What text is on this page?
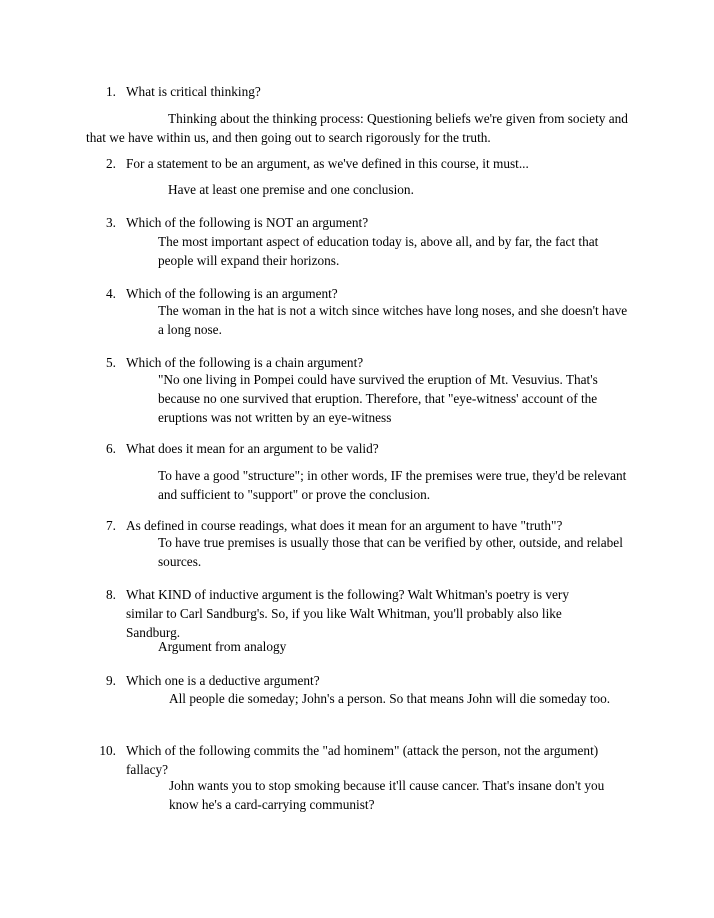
1. What is critical thinking?
Thinking about the thinking process: Questioning beliefs we're given from society and that we have within us, and then going out to search rigorously for the truth.
2. For a statement to be an argument, as we've defined in this course, it must...
Have at least one premise and one conclusion.
3. Which of the following is NOT an argument?
The most important aspect of education today is, above all, and by far, the fact that people will expand their horizons.
4. Which of the following is an argument?
The woman in the hat is not a witch since witches have long noses, and she doesn't have a long nose.
5. Which of the following is a chain argument?
"No one living in Pompei could have survived the eruption of Mt. Vesuvius. That's because no one survived that eruption. Therefore, that "eye-witness' account of the eruptions was not written by an eye-witness
6. What does it mean for an argument to be valid?
To have a good "structure"; in other words, IF the premises were true, they'd be relevant and sufficient to "support" or prove the conclusion.
7. As defined in course readings, what does it mean for an argument to have "truth"?
To have true premises is usually those that can be verified by other, outside, and relabel sources.
8. What KIND of inductive argument is the following? Walt Whitman's poetry is very similar to Carl Sandburg's. So, if you like Walt Whitman, you'll probably also like Sandburg.
Argument from analogy
9. Which one is a deductive argument?
All people die someday; John's a person. So that means John will die someday too.
10. Which of the following commits the "ad hominem" (attack the person, not the argument) fallacy?
John wants you to stop smoking because it'll cause cancer. That's insane don't you know he's a card-carrying communist?
